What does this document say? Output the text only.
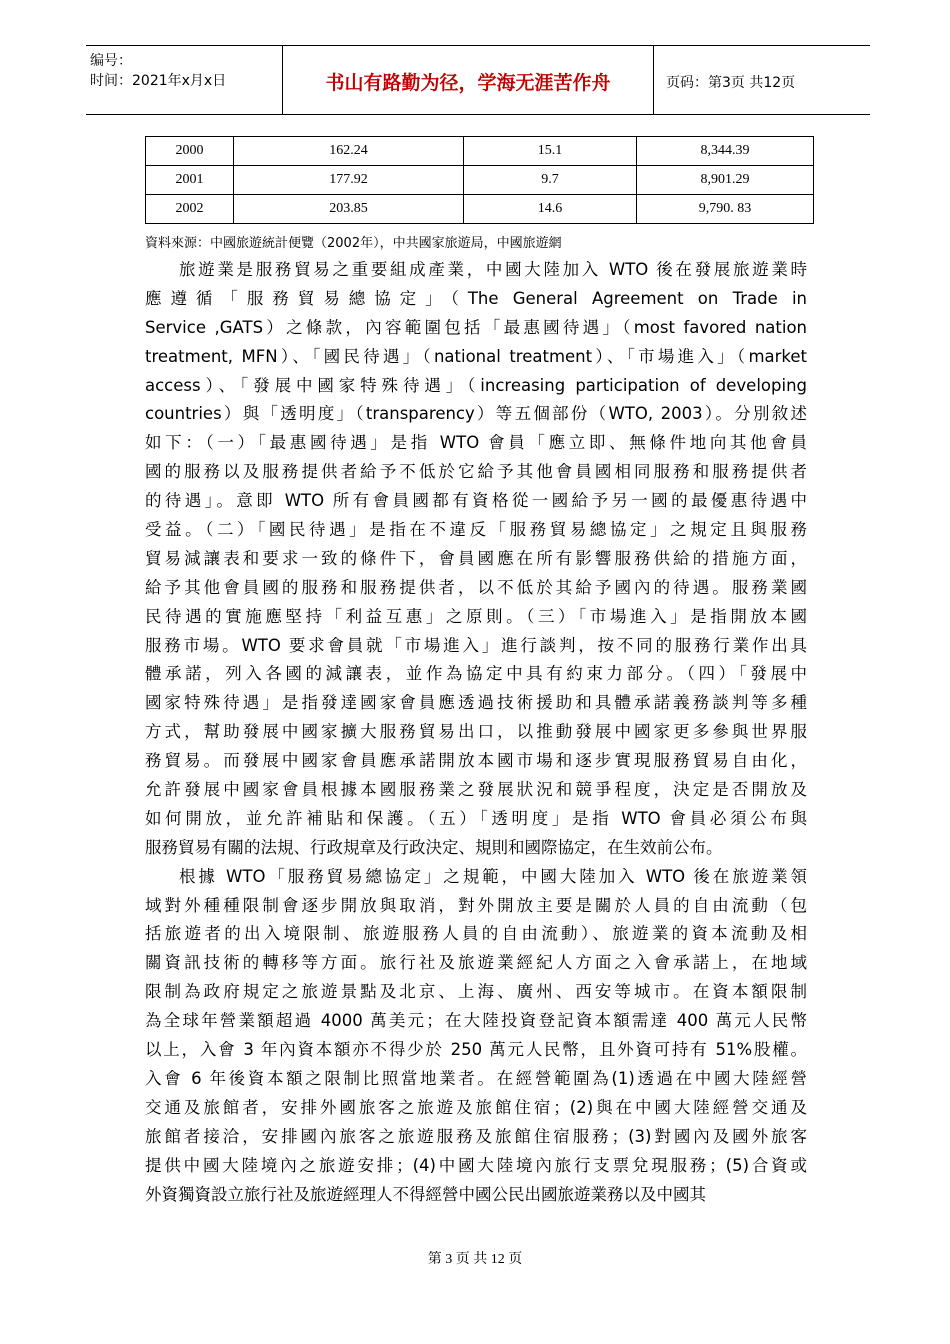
编号：
时间：2021年x月x日	书山有路勤为径，学海无涯苦作舟	页码：第3页 共12页
2000	162.24	15.1	8,344.39
2001	177.92	9.7	8,901.29
2002	203.85	14.6	9,790. 83
資料來源：中國旅遊統計便覽（2002年），中共國家旅遊局，中國旅遊網
旅遊業是服務貿易之重要組成產業，中國大陸加入 WTO 後在發展旅遊業時
應遵循「服務貿易總協定」（The General Agreement on Trade in
Service ,GATS）之條款，內容範圍包括「最惠國待遇」（most favored nation
treatment, MFN）、「國民待遇」（national treatment）、「市場進入」（market
access）、「發展中國家特殊待遇」（increasing participation of developing
countries）與「透明度」（transparency）等五個部份（WTO, 2003）。分別敘述
如下：（一）「最惠國待遇」是指 WTO 會員「應立即、無條件地向其他會員
國的服務以及服務提供者給予不低於它給予其他會員國相同服務和服務提供者
的待遇」。意即 WTO 所有會員國都有資格從一國給予另一國的最優惠待遇中
受益。（二）「國民待遇」是指在不違反「服務貿易總協定」之規定且與服務
貿易減讓表和要求一致的條件下，會員國應在所有影響服務供給的措施方面，
給予其他會員國的服務和服務提供者，以不低於其給予國內的待遇。服務業國
民待遇的實施應堅持「利益互惠」之原則。（三）「市場進入」是指開放本國
服務市場。WTO 要求會員就「市場進入」進行談判，按不同的服務行業作出具
體承諾，列入各國的減讓表，並作為協定中具有約束力部分。（四）「發展中
國家特殊待遇」是指發達國家會員應透過技術援助和具體承諾義務談判等多種
方式，幫助發展中國家擴大服務貿易出口，以推動發展中國家更多參與世界服
務貿易。而發展中國家會員應承諾開放本國市場和逐步實現服務貿易自由化，
允許發展中國家會員根據本國服務業之發展狀況和競爭程度，決定是否開放及
如何開放，並允許補貼和保護。（五）「透明度」是指 WTO 會員必須公布與
服務貿易有關的法規、行政規章及行政決定、規則和國際協定，在生效前公布。
根據 WTO「服務貿易總協定」之規範，中國大陸加入 WTO 後在旅遊業領
域對外種種限制會逐步開放與取消，對外開放主要是關於人員的自由流動（包
括旅遊者的出入境限制、旅遊服務人員的自由流動）、旅遊業的資本流動及相
關資訊技術的轉移等方面。旅行社及旅遊業經紀人方面之入會承諾上，在地域
限制為政府規定之旅遊景點及北京、上海、廣州、西安等城市。在資本額限制
為全球年營業額超過 4000 萬美元；在大陸投資登記資本額需達 400 萬元人民幣
以上，入會 3 年內資本額亦不得少於 250 萬元人民幣，且外資可持有 51%股權。
入會 6 年後資本額之限制比照當地業者。在經營範圍為(1)透過在中國大陸經營
交通及旅館者，安排外國旅客之旅遊及旅館住宿；(2)與在中國大陸經營交通及
旅館者接洽，安排國內旅客之旅遊服務及旅館住宿服務；(3)對國內及國外旅客
提供中國大陸境內之旅遊安排；(4)中國大陸境內旅行支票兌現服務；(5)合資或
外資獨資設立旅行社及旅遊經理人不得經營中國公民出國旅遊業務以及中國其
第 3 页 共 12 页
